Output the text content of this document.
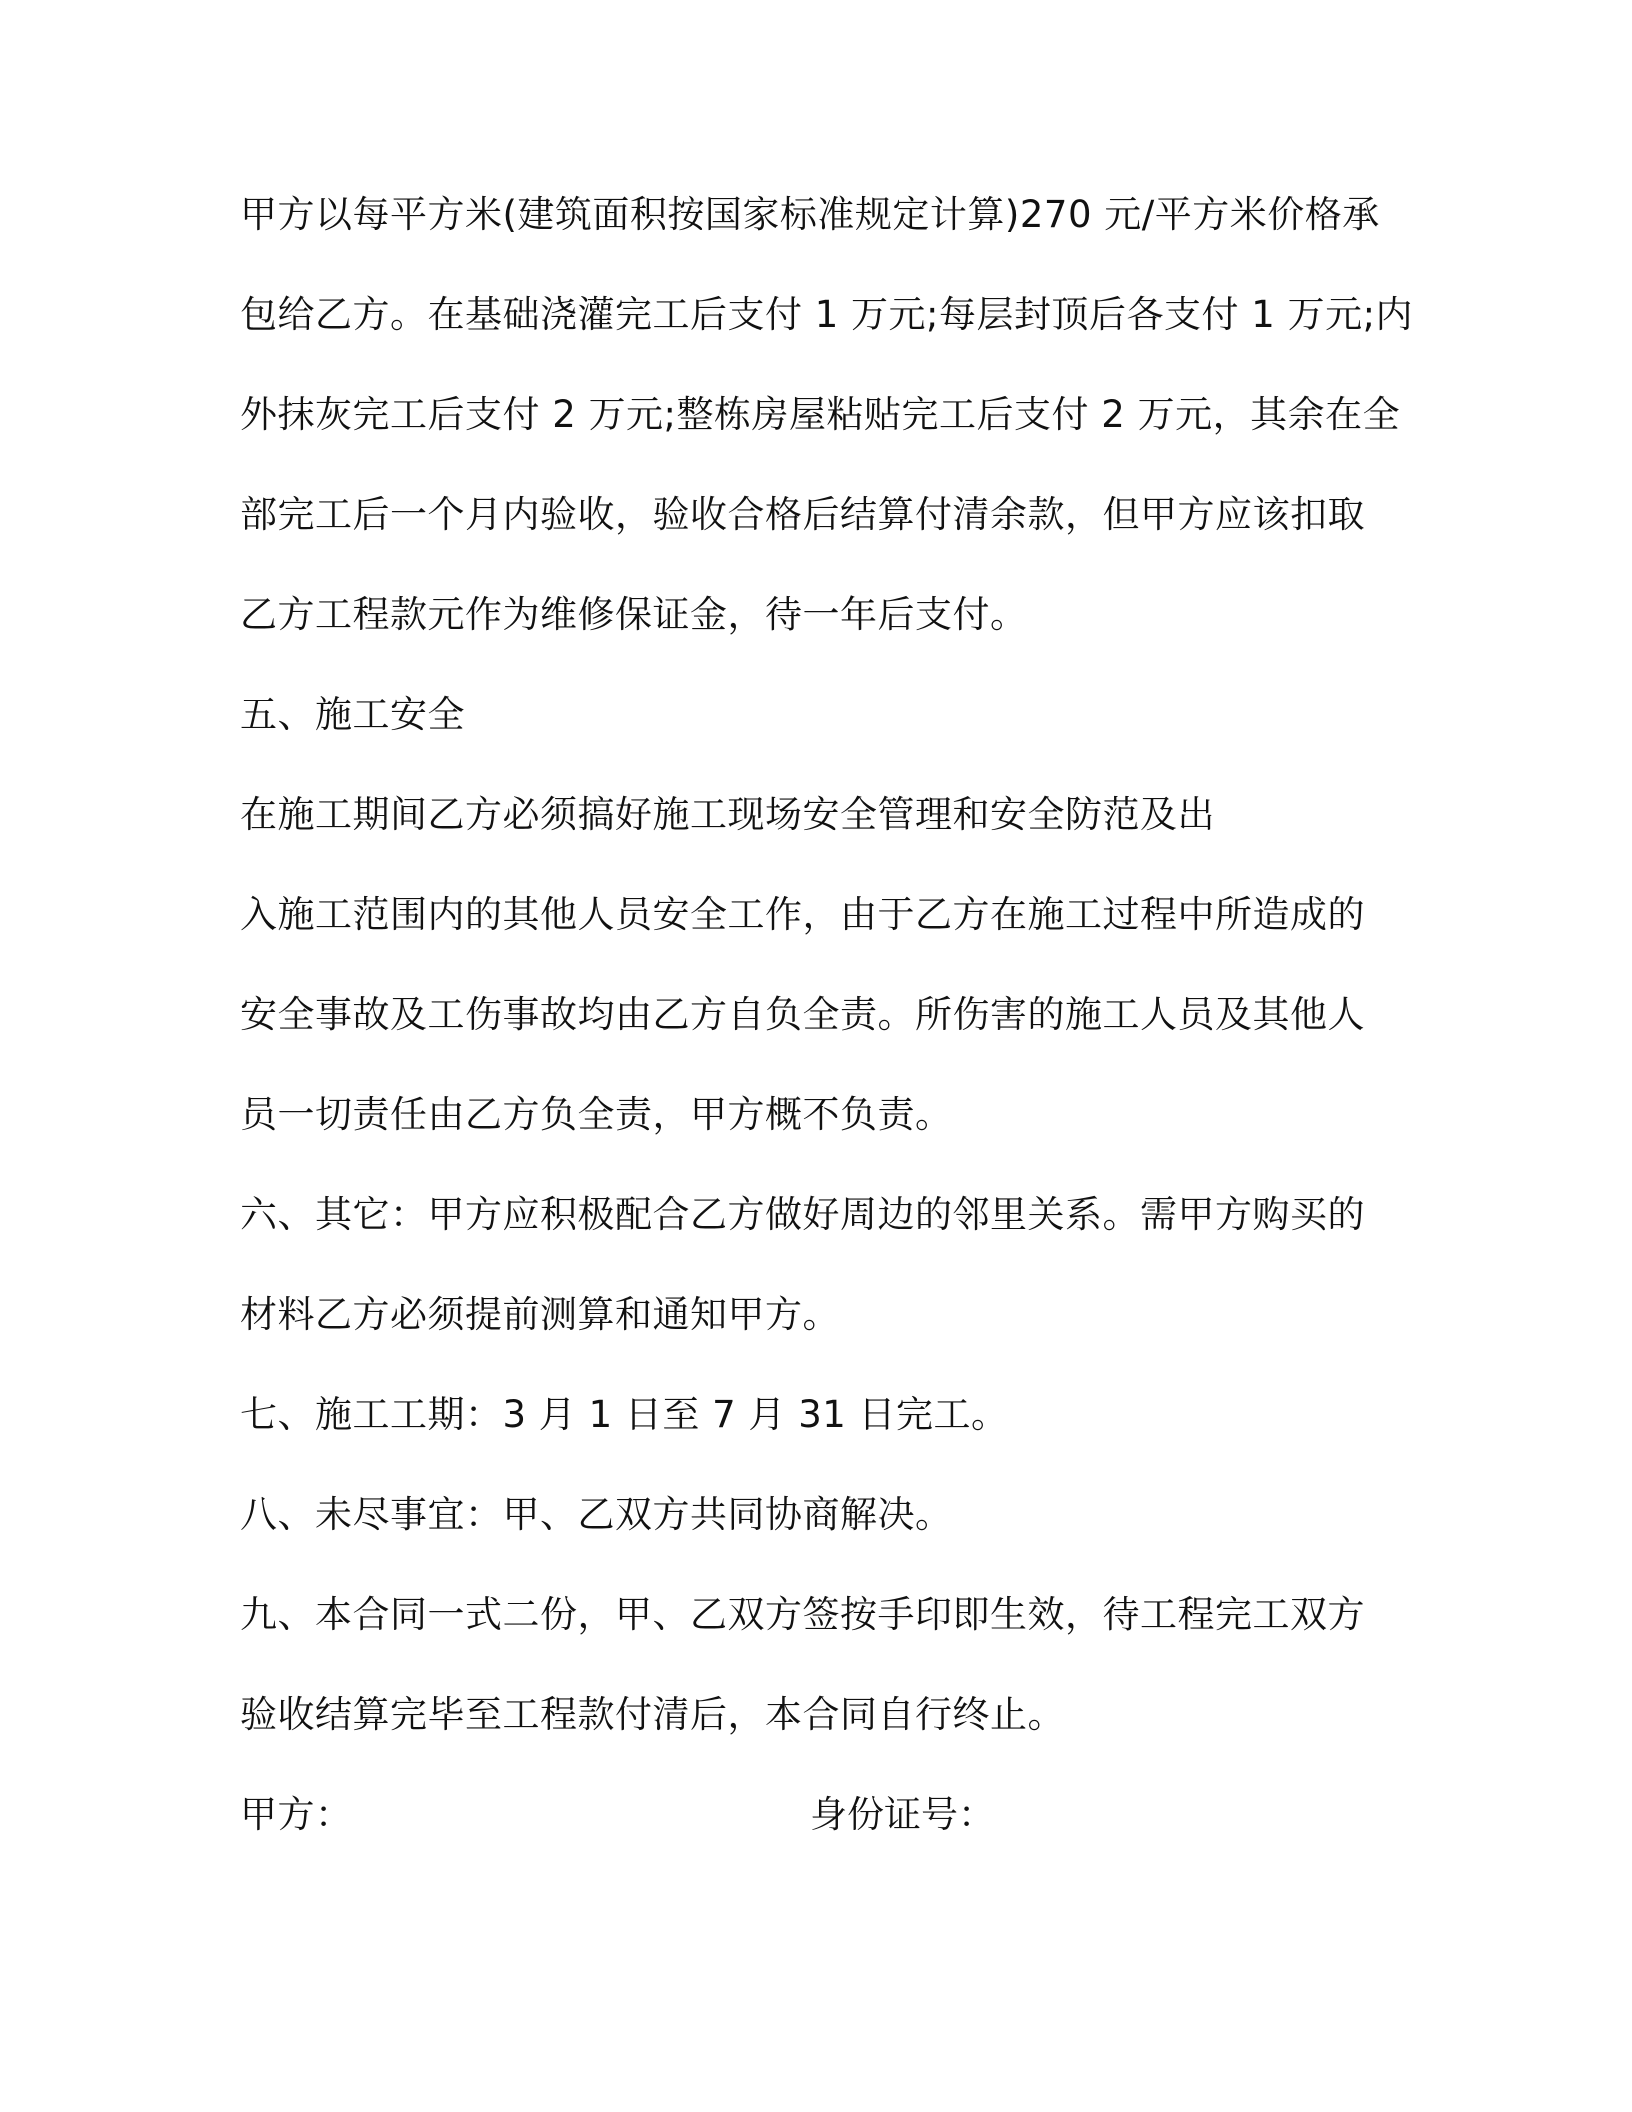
甲方以每平方米(建筑面积按国家标准规定计算)270 元/平方米价格承
包给乙方。在基础浇灌完工后支付 1 万元;每层封顶后各支付 1 万元;内
外抹灰完工后支付 2 万元;整栋房屋粘贴完工后支付 2 万元，其余在全
部完工后一个月内验收，验收合格后结算付清余款，但甲方应该扣取
乙方工程款元作为维修保证金，待一年后支付。
五、施工安全
在施工期间乙方必须搞好施工现场安全管理和安全防范及出
入施工范围内的其他人员安全工作，由于乙方在施工过程中所造成的
安全事故及工伤事故均由乙方自负全责。所伤害的施工人员及其他人
员一切责任由乙方负全责，甲方概不负责。
六、其它：甲方应积极配合乙方做好周边的邻里关系。需甲方购买的
材料乙方必须提前测算和通知甲方。
七、施工工期：3 月 1 日至 7 月 31 日完工。
八、未尽事宜：甲、乙双方共同协商解决。
九、本合同一式二份，甲、乙双方签按手印即生效，待工程完工双方
验收结算完毕至工程款付清后，本合同自行终止。
甲方：	身份证号：
